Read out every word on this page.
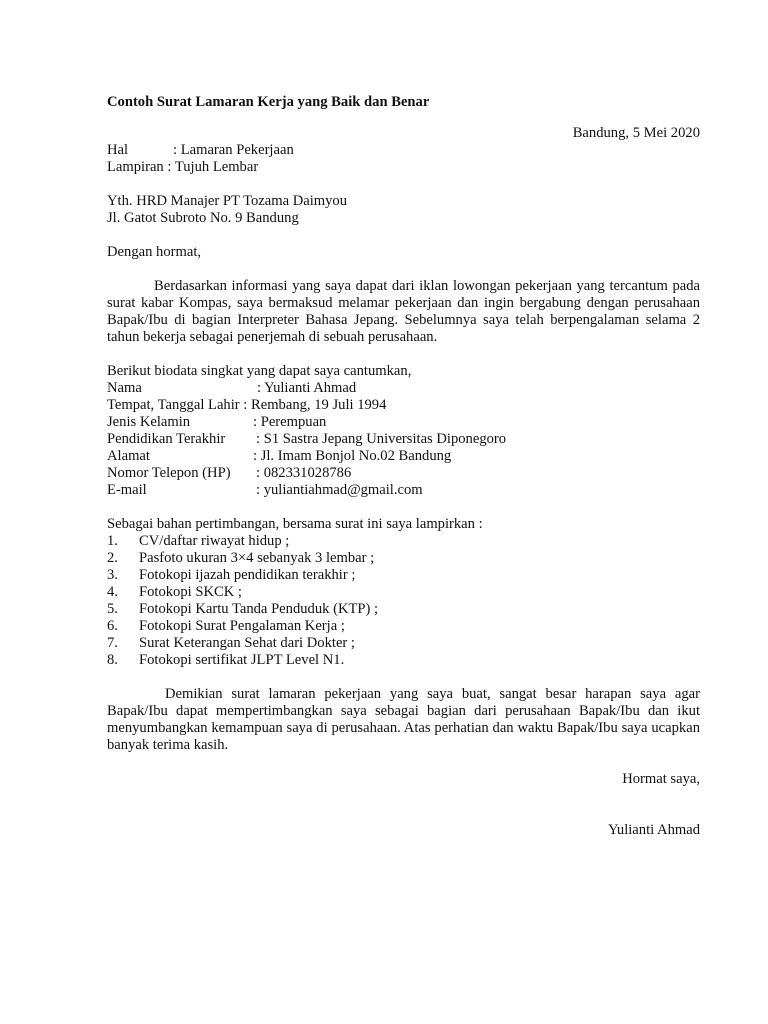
Contoh Surat Lamaran Kerja yang Baik dan Benar
Bandung, 5 Mei 2020
Hal	: Lamaran Pekerjaan
Lampiran : Tujuh Lembar
Yth. HRD Manajer PT Tozama Daimyou
Jl. Gatot Subroto No. 9 Bandung
Dengan hormat,

Berdasarkan informasi yang saya dapat dari iklan lowongan pekerjaan yang tercantum pada surat kabar Kompas, saya bermaksud melamar pekerjaan dan ingin bergabung dengan perusahaan Bapak/Ibu di bagian Interpreter Bahasa Jepang. Sebelumnya saya telah berpengalaman selama 2 tahun bekerja sebagai penerjemah di sebuah perusahaan.

Berikut biodata singkat yang dapat saya cantumkan,
Nama	: Yulianti Ahmad
Tempat, Tanggal Lahir : Rembang, 19 Juli 1994
Jenis Kelamin	: Perempuan
Pendidikan Terakhir	: S1 Sastra Jepang Universitas Diponegoro
Alamat	: Jl. Imam Bonjol No.02 Bandung
Nomor Telepon (HP)	: 082331028786
E-mail	: yuliantiahmad@gmail.com
Sebagai bahan pertimbangan, bersama surat ini saya lampirkan :
1.	CV/daftar riwayat hidup ;
2.	Pasfoto ukuran 3×4 sebanyak 3 lembar ;
3.	Fotokopi ijazah pendidikan terakhir ;
4.	Fotokopi SKCK ;
5.	Fotokopi Kartu Tanda Penduduk (KTP) ;
6.	Fotokopi Surat Pengalaman Kerja ;
7.	Surat Keterangan Sehat dari Dokter ;
8.	Fotokopi sertifikat JLPT Level N1.

Demikian surat lamaran pekerjaan yang saya buat, sangat besar harapan saya agar Bapak/Ibu dapat mempertimbangkan saya sebagai bagian dari perusahaan Bapak/Ibu dan ikut menyumbangkan kemampuan saya di perusahaan. Atas perhatian dan waktu Bapak/Ibu saya ucapkan banyak terima kasih.

Hormat saya,
Yulianti Ahmad
